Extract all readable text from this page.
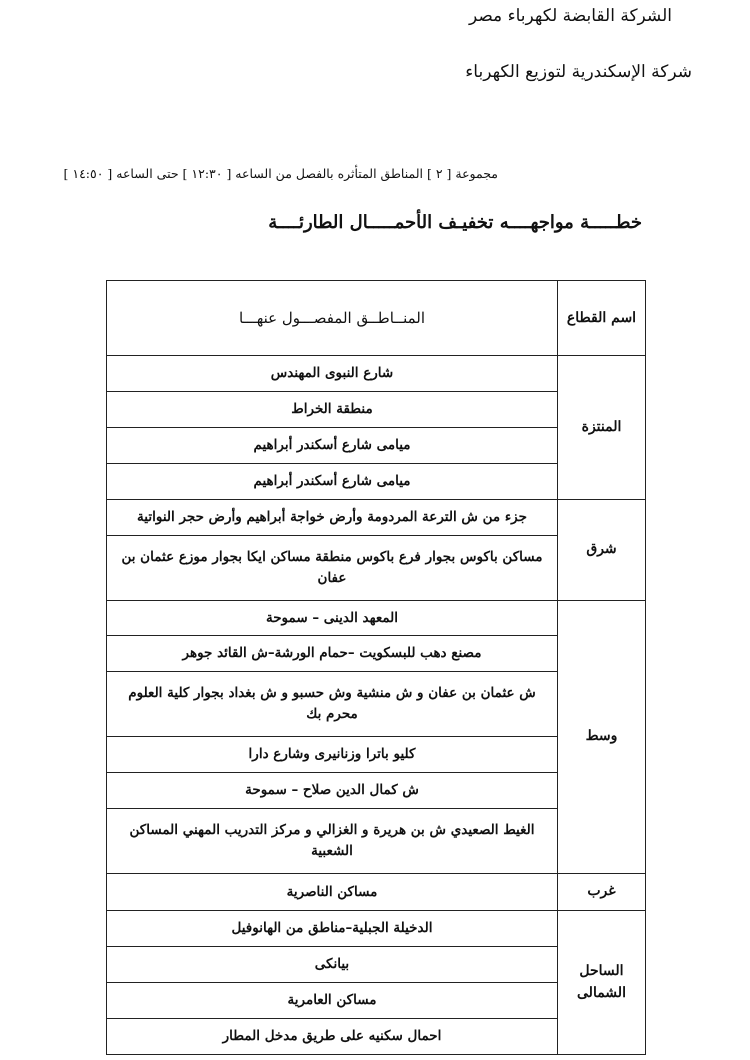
الشركة القابضة لكهرباء مصر
شركة الإسكندرية لتوزيع الكهرباء
مجموعة [ ٢ ] المناطق المتأثره بالفصل من الساعه [ ١٢:٣٠ ] حتى الساعه [ ١٤:٥٠ ]
خطـــــة مواجهــــه تخفيـف الأحمـــــال الطارئــــة
اسم القطاع	المنــاطــق المفصـــول عنهـــا
المنتزة	شارع النبوى المهندس
	منطقة الخراط
	ميامى شارع أسكندر أبراهيم
	ميامى شارع أسكندر أبراهيم
شرق	جزء من ش الترعة المردومة وأرض خواجة أبراهيم وأرض حجر النواتية
	مساكن باكوس بجوار فرع باكوس منطقة مساكن ايكا بجوار موزع عثمان بن عفان
وسط	المعهد الدينى – سموحة
	مصنع دهب للبسكويت –حمام الورشة–ش القائد جوهر
	ش عثمان بن عفان و ش منشية وش حسبو و ش بغداد بجوار كلية العلوم محرم بك
	كليو باترا وزنانيرى وشارع دارا
	ش كمال الدين صلاح – سموحة
	الغيط الصعيدي ش بن هريرة و الغزالي و مركز التدريب المهني المساكن الشعبية
غرب	مساكن الناصرية
الساحل الشمالى	الدخيلة الجبلية–مناطق من الهانوفيل
	بيانكى
	مساكن العامرية
	احمال سكنيه على طريق مدخل المطار
